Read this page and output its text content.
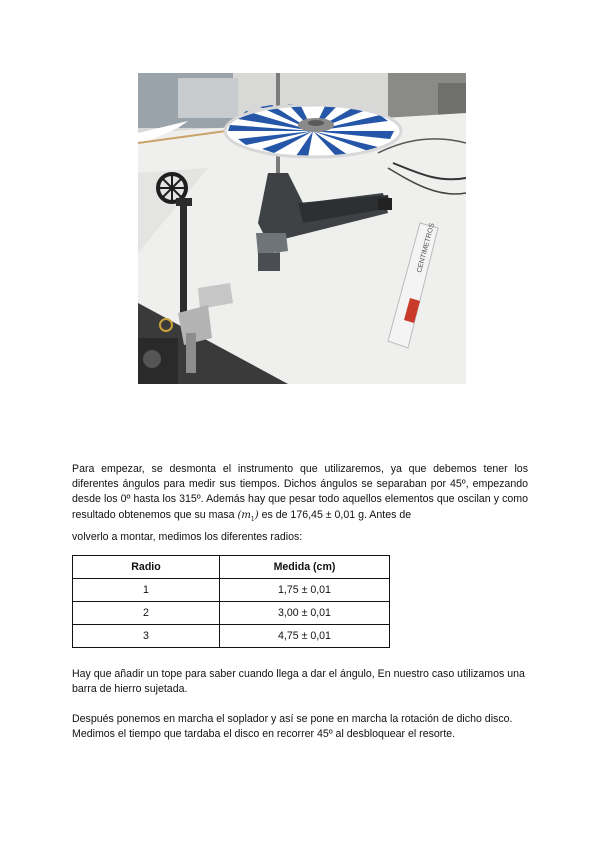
CENTIMETROS

Para empezar, se desmonta el instrumento que utilizaremos, ya que debemos tener los diferentes ángulos para medir sus tiempos. Dichos ángulos se separaban por 45º, empezando desde los 0º hasta los 315º. Además hay que pesar todo aquellos elementos que oscilan y como resultado obtenemos que su masa $(m_1)$ es de 176,45 ± 0,01 g. Antes de
volverlo a montar, medimos los diferentes radios:

Radio	Medida (cm)
1	1,75 ± 0,01
2	3,00 ± 0,01
3	4,75 ± 0,01

Hay que añadir un tope para saber cuando llega a dar el ángulo, En nuestro caso utilizamos una barra de hierro sujetada.

Después ponemos en marcha el soplador y así se pone en marcha la rotación de dicho disco.
Medimos el tiempo que tardaba el disco en recorrer 45º al desbloquear el resorte.
